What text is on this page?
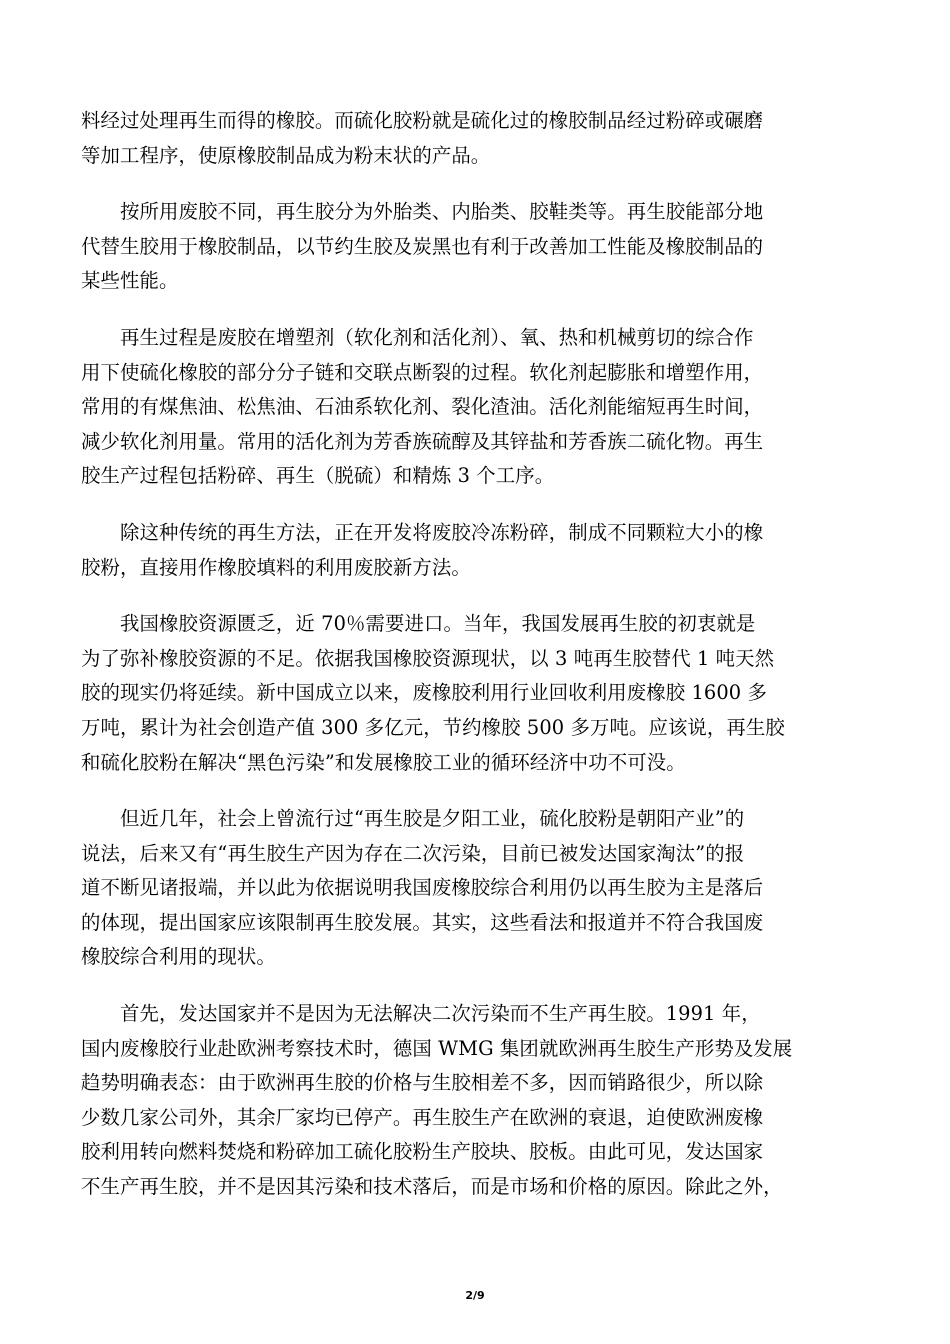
料经过处理再生而得的橡胶。而硫化胶粉就是硫化过的橡胶制品经过粉碎或碾磨
等加工程序，使原橡胶制品成为粉末状的产品。

按所用废胶不同，再生胶分为外胎类、内胎类、胶鞋类等。再生胶能部分地
代替生胶用于橡胶制品，以节约生胶及炭黑也有利于改善加工性能及橡胶制品的
某些性能。

再生过程是废胶在增塑剂（软化剂和活化剂）、氧、热和机械剪切的综合作
用下使硫化橡胶的部分分子链和交联点断裂的过程。软化剂起膨胀和增塑作用，
常用的有煤焦油、松焦油、石油系软化剂、裂化渣油。活化剂能缩短再生时间，
减少软化剂用量。常用的活化剂为芳香族硫醇及其锌盐和芳香族二硫化物。再生
胶生产过程包括粉碎、再生（脱硫）和精炼 3 个工序。

除这种传统的再生方法，正在开发将废胶冷冻粉碎，制成不同颗粒大小的橡
胶粉，直接用作橡胶填料的利用废胶新方法。

我国橡胶资源匮乏，近 70％需要进口。当年，我国发展再生胶的初衷就是
为了弥补橡胶资源的不足。依据我国橡胶资源现状，以 3 吨再生胶替代 1 吨天然
胶的现实仍将延续。新中国成立以来，废橡胶利用行业回收利用废橡胶 1600 多
万吨，累计为社会创造产值 300 多亿元，节约橡胶 500 多万吨。应该说，再生胶
和硫化胶粉在解决“黑色污染”和发展橡胶工业的循环经济中功不可没。

但近几年，社会上曾流行过“再生胶是夕阳工业，硫化胶粉是朝阳产业”的
说法，后来又有“再生胶生产因为存在二次污染，目前已被发达国家淘汰”的报
道不断见诸报端，并以此为依据说明我国废橡胶综合利用仍以再生胶为主是落后
的体现，提出国家应该限制再生胶发展。其实，这些看法和报道并不符合我国废
橡胶综合利用的现状。

首先，发达国家并不是因为无法解决二次污染而不生产再生胶。1991 年，
国内废橡胶行业赴欧洲考察技术时，德国 WMG 集团就欧洲再生胶生产形势及发展
趋势明确表态：由于欧洲再生胶的价格与生胶相差不多，因而销路很少，所以除
少数几家公司外，其余厂家均已停产。再生胶生产在欧洲的衰退，迫使欧洲废橡
胶利用转向燃料焚烧和粉碎加工硫化胶粉生产胶块、胶板。由此可见，发达国家
不生产再生胶，并不是因其污染和技术落后，而是市场和价格的原因。除此之外，

2/9
